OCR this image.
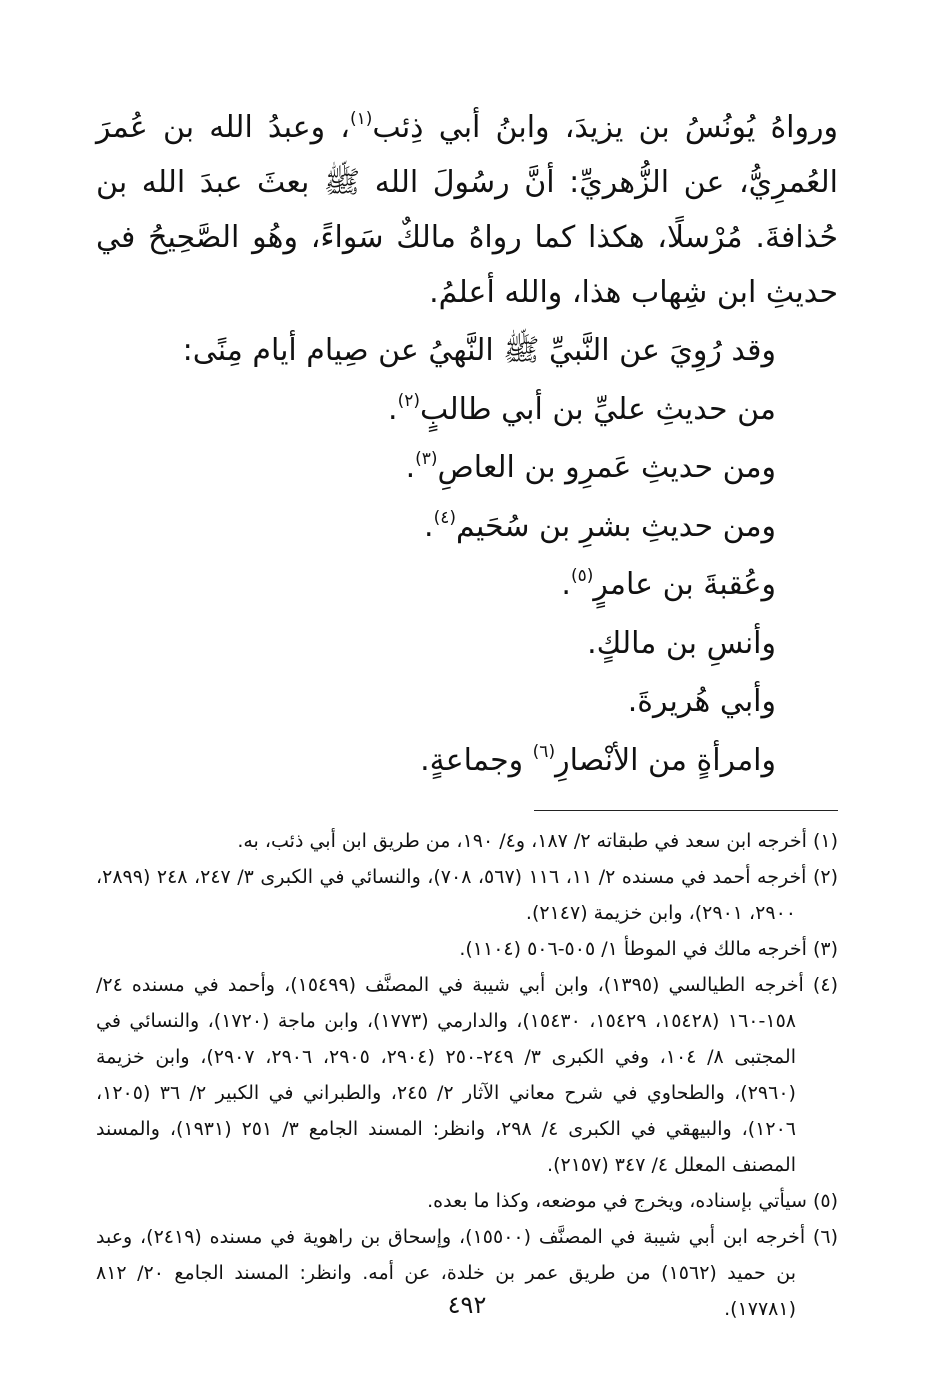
ورواهُ يُونُسُ بن يزيدَ، وابنُ أبي ذِئب$^{(١)}$، وعبدُ الله بن عُمرَ العُمرِيُّ، عن الزُّهريِّ: أنَّ رسُولَ الله ﷺ بعثَ عبدَ الله بن حُذافةَ. مُرْسلًا، هكذا كما رواهُ مالكٌ سَواءً، وهُو الصَّحِيحُ في حديثِ ابن شِهاب هذا، والله أعلمُ.

وقد رُوِيَ عن النَّبيِّ ﷺ النَّهيُ عن صِيام أيام مِنًى:

من حديثِ عليِّ بن أبي طالبٍ$^{(٢)}$.

ومن حديثِ عَمرِو بن العاصِ$^{(٣)}$.

ومن حديثِ بشرِ بن سُحَيم$^{(٤)}$.

وعُقبةَ بن عامرٍ$^{(٥)}$.

وأنسِ بن مالكٍ.

وأبي هُريرةَ.

وامرأةٍ من الأنْصارِ$^{(٦)}$ وجماعةٍ.

(١) أخرجه ابن سعد في طبقاته ٢/ ١٨٧، و٤/ ١٩٠، من طريق ابن أبي ذئب، به.

(٢) أخرجه أحمد في مسنده ٢/ ١١، ١١٦ (٥٦٧، ٧٠٨)، والنسائي في الكبرى ٣/ ٢٤٧، ٢٤٨ (٢٨٩٩، ٢٩٠٠، ٢٩٠١)، وابن خزيمة (٢١٤٧).

(٣) أخرجه مالك في الموطأ ١/ ٥٠٥-٥٠٦ (١١٠٤).

(٤) أخرجه الطيالسي (١٣٩٥)، وابن أبي شيبة في المصنَّف (١٥٤٩٩)، وأحمد في مسنده ٢٤/ ١٥٨-١٦٠ (١٥٤٢٨، ١٥٤٢٩، ١٥٤٣٠)، والدارمي (١٧٧٣)، وابن ماجة (١٧٢٠)، والنسائي في المجتبى ٨/ ١٠٤، وفي الكبرى ٣/ ٢٤٩-٢٥٠ (٢٩٠٤، ٢٩٠٥، ٢٩٠٦، ٢٩٠٧)، وابن خزيمة (٢٩٦٠)، والطحاوي في شرح معاني الآثار ٢/ ٢٤٥، والطبراني في الكبير ٢/ ٣٦ (١٢٠٥، ١٢٠٦)، والبيهقي في الكبرى ٤/ ٢٩٨، وانظر: المسند الجامع ٣/ ٢٥١ (١٩٣١)، والمسند المصنف المعلل ٤/ ٣٤٧ (٢١٥٧).

(٥) سيأتي بإسناده، ويخرج في موضعه، وكذا ما بعده.

(٦) أخرجه ابن أبي شيبة في المصنَّف (١٥٥٠٠)، وإسحاق بن راهوية في مسنده (٢٤١٩)، وعبد بن حميد (١٥٦٢) من طريق عمر بن خلدة، عن أمه. وانظر: المسند الجامع ٢٠/ ٨١٢ (١٧٧٨١).

٤٩٢
